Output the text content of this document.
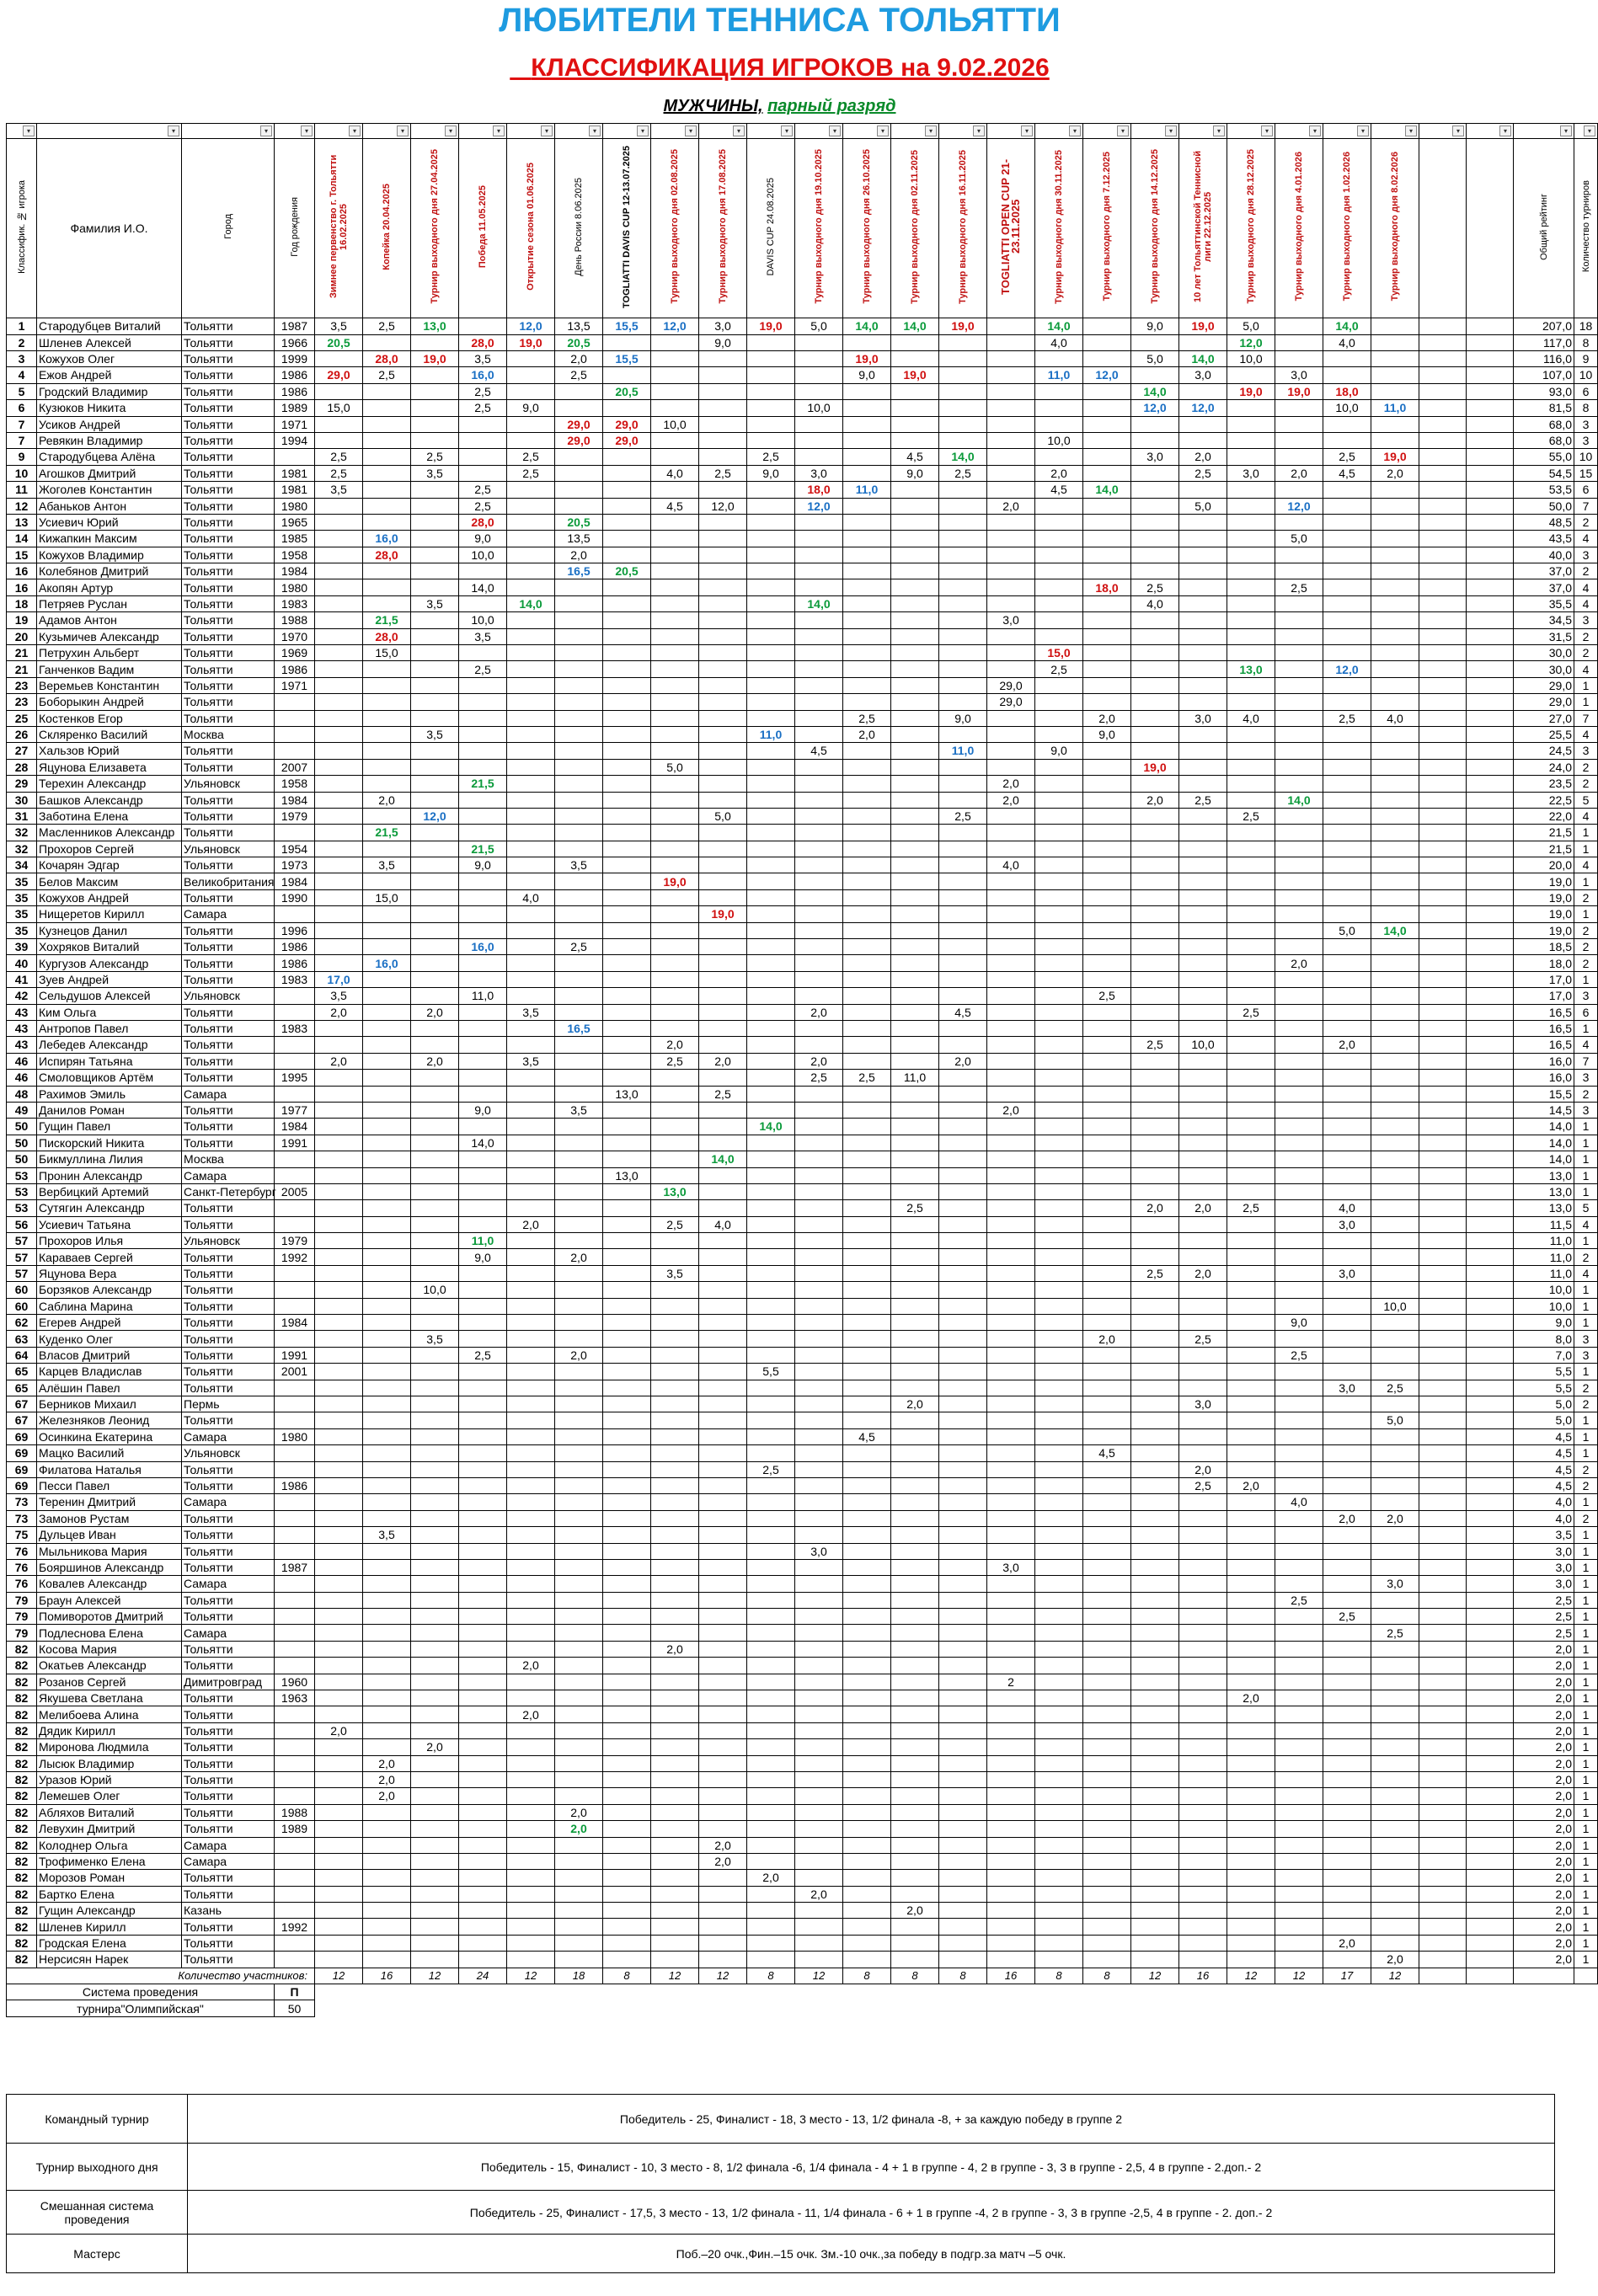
ЛЮБИТЕЛИ ТЕННИСА ТОЛЬЯТТИ
КЛАССИФИКАЦИЯ ИГРОКОВ на 9.02.2026
МУЖЧИНЫ, парный разряд
▾	▾	▾	▾	▾	▾	▾	▾	▾	▾	▾	▾	▾	▾	▾	▾	▾	▾	▾	▾	▾	▾	▾	▾	▾	▾	▾	▾	▾	▾	▾

Классифик. № игрока	Фамилия И.О.	Город	Год рождения	Зимнее первенство г. Тольятти 16.02.2025	Копейка 20.04.2025	Турнир выходного дня 27.04.2025	Победа 11.05.2025	Открытие сезона 01.06.2025	День России 8.06.2025	TOGLIATTI DAVIS CUP 12-13.07.2025	Турнир выходного дня 02.08.2025	Турнир выходного дня 17.08.2025	DAVIS CUP 24.08.2025	Турнир выходного дня 19.10.2025	Турнир выходного дня 26.10.2025	Турнир выходного дня 02.11.2025	Турнир выходного дня 16.11.2025	TOGLIATTI OPEN CUP 21-23.11.2025	Турнир выходного дня 30.11.2025	Турнир выходного дня 7.12.2025	Турнир выходного дня 14.12.2025	10 лет Тольяттинской Теннисной лиги 22.12.2025	Турнир выходного дня 28.12.2025	Турнир выходного дня 4.01.2026	Турнир выходного дня 1.02.2026	Турнир выходного дня 8.02.2026			Общий рейтинг	Количество турниров
1	Стародубцев Виталий	Тольятти	1987	3,5	2,5	13,0		12,0	13,5	15,5	12,0	3,0	19,0	5,0	14,0	14,0	19,0		14,0		9,0	19,0	5,0		14,0				207,0	18
2	Шленев Алексей	Тольятти	1966	20,5			28,0	19,0	20,5			9,0							4,0				12,0		4,0				117,0	8
3	Кожухов Олег	Тольятти	1999		28,0	19,0	3,5		2,0	15,5					19,0						5,0	14,0	10,0						116,0	9
4	Ежов Андрей	Тольятти	1986	29,0	2,5		16,0		2,5						9,0	19,0			11,0	12,0		3,0		3,0					107,0	10
5	Гродский Владимир	Тольятти	1986				2,5			20,5											14,0		19,0	19,0	18,0				93,0	6
6	Кузюков Никита	Тольятти	1989	15,0			2,5	9,0						10,0							12,0	12,0			10,0	11,0			81,5	8
7	Усиков Андрей	Тольятти	1971						29,0	29,0	10,0																		68,0	3
7	Ревякин Владимир	Тольятти	1994						29,0	29,0									10,0										68,0	3
9	Стародубцева Алёна	Тольятти		2,5		2,5		2,5					2,5			4,5	14,0				3,0	2,0			2,5	19,0			55,0	10
10	Агошков Дмитрий	Тольятти	1981	2,5		3,5		2,5			4,0	2,5	9,0	3,0		9,0	2,5		2,0			2,5	3,0	2,0	4,5	2,0			54,5	15
11	Жоголев Константин	Тольятти	1981	3,5			2,5							18,0	11,0				4,5	14,0									53,5	6
12	Абаньков Антон	Тольятти	1980				2,5				4,5	12,0		12,0				2,0				5,0		12,0					50,0	7
13	Усиевич Юрий	Тольятти	1965				28,0		20,5																				48,5	2
14	Кижапкин Максим	Тольятти	1985		16,0		9,0		13,5															5,0					43,5	4
15	Кожухов Владимир	Тольятти	1958		28,0		10,0		2,0																				40,0	3
16	Колебянов Дмитрий	Тольятти	1984						16,5	20,5																			37,0	2
16	Акопян Артур	Тольятти	1980				14,0													18,0	2,5			2,5					37,0	4
18	Петряев Руслан	Тольятти	1983			3,5		14,0						14,0							4,0								35,5	4
19	Адамов Антон	Тольятти	1988		21,5		10,0											3,0											34,5	3
20	Кузьмичев Александр	Тольятти	1970		28,0		3,5																						31,5	2
21	Петрухин Альберт	Тольятти	1969		15,0														15,0										30,0	2
21	Ганченков Вадим	Тольятти	1986				2,5												2,5				13,0		12,0				30,0	4
23	Веремьев Константин	Тольятти	1971															29,0											29,0	1
23	Боборыкин Андрей	Тольятти																29,0											29,0	1
25	Костенков Егор	Тольятти													2,5		9,0			2,0		3,0	4,0		2,5	4,0			27,0	7
26	Скляренко Василий	Москва				3,5							11,0		2,0					9,0									25,5	4
27	Хальзов Юрий	Тольятти												4,5			11,0		9,0										24,5	3
28	Яцунова Елизавета	Тольятти	2007								5,0										19,0								24,0	2
29	Терехин Александр	Ульяновск	1958				21,5											2,0											23,5	2
30	Башков Александр	Тольятти	1984		2,0													2,0			2,0	2,5		14,0					22,5	5
31	Заботина Елена	Тольятти	1979			12,0						5,0					2,5						2,5						22,0	4
32	Масленников Александр	Тольятти			21,5																								21,5	1
32	Прохоров Сергей	Ульяновск	1954				21,5																						21,5	1
34	Кочарян Эдгар	Тольятти	1973		3,5		9,0		3,5									4,0											20,0	4
35	Белов Максим	Великобритания	1984								19,0																		19,0	1
35	Кожухов Андрей	Тольятти	1990		15,0			4,0																					19,0	2
35	Нищеретов Кирилл	Самара										19,0																	19,0	1
35	Кузнецов Данил	Тольятти	1996																						5,0	14,0			19,0	2
39	Хохряков Виталий	Тольятти	1986				16,0		2,5																				18,5	2
40	Кургузов Александр	Тольятти	1986		16,0																			2,0					18,0	2
41	Зуев Андрей	Тольятти	1983	17,0																									17,0	1
42	Сельдушов Алексей	Ульяновск		3,5			11,0													2,5									17,0	3
43	Ким Ольга	Тольятти		2,0		2,0		3,5						2,0			4,5						2,5						16,5	6
43	Антропов Павел	Тольятти	1983						16,5																				16,5	1
43	Лебедев Александр	Тольятти									2,0										2,5	10,0			2,0				16,5	4
46	Испирян Татьяна	Тольятти		2,0		2,0		3,5			2,5	2,0		2,0			2,0												16,0	7
46	Смоловщиков Артём	Тольятти	1995											2,5	2,5	11,0													16,0	3
48	Рахимов Эмиль	Самара								13,0		2,5																	15,5	2
49	Данилов Роман	Тольятти	1977				9,0		3,5									2,0											14,5	3
50	Гущин Павел	Тольятти	1984										14,0																14,0	1
50	Пискорский Никита	Тольятти	1991				14,0																						14,0	1
50	Бикмуллина Лилия	Москва										14,0																	14,0	1
53	Пронин Александр	Самара								13,0																			13,0	1
53	Вербицкий Артемий	Санкт-Петербург	2005								13,0																		13,0	1
53	Сутягин Александр	Тольятти														2,5					2,0	2,0	2,5		4,0				13,0	5
56	Усиевич Татьяна	Тольятти						2,0			2,5	4,0													3,0				11,5	4
57	Прохоров Илья	Ульяновск	1979				11,0																						11,0	1
57	Караваев Сергей	Тольятти	1992				9,0		2,0																				11,0	2
57	Яцунова Вера	Тольятти									3,5										2,5	2,0			3,0				11,0	4
60	Борзяков Александр	Тольятти				10,0																							10,0	1
60	Саблина Марина	Тольятти																								10,0			10,0	1
62	Егерев Андрей	Тольятти	1984																					9,0					9,0	1
63	Куденко Олег	Тольятти				3,5														2,0		2,5							8,0	3
64	Власов Дмитрий	Тольятти	1991				2,5		2,0															2,5					7,0	3
65	Карцев Владислав	Тольятти	2001										5,5																5,5	1
65	Алёшин Павел	Тольятти																							3,0	2,5			5,5	2
67	Берников Михаил	Пермь														2,0						3,0							5,0	2
67	Железняков Леонид	Тольятти																								5,0			5,0	1
69	Осинкина Екатерина	Самара	1980												4,5														4,5	1
69	Мацко Василий	Ульяновск																		4,5									4,5	1
69	Филатова Наталья	Тольятти											2,5									2,0							4,5	2
69	Песси Павел	Тольятти	1986																			2,5	2,0						4,5	2
73	Теренин Дмитрий	Самара																						4,0					4,0	1
73	Замонов Рустам	Тольятти																							2,0	2,0			4,0	2
75	Дульцев Иван	Тольятти			3,5																								3,5	1
76	Мыльникова Мария	Тольятти												3,0															3,0	1
76	Бояршинов Александр	Тольятти	1987															3,0											3,0	1
76	Ковалев Александр	Самара																								3,0			3,0	1
79	Браун Алексей	Тольятти																						2,5					2,5	1
79	Помиворотов Дмитрий	Тольятти																							2,5				2,5	1
79	Подлеснова Елена	Самара																								2,5			2,5	1
82	Косова Мария	Тольятти									2,0																		2,0	1
82	Окатьев Александр	Тольятти						2,0																					2,0	1
82	Розанов Сергей	Димитровград	1960															2											2,0	1
82	Якушева Светлана	Тольятти	1963																				2,0						2,0	1
82	Мелибоева Алина	Тольятти						2,0																					2,0	1
82	Дядик Кирилл	Тольятти		2,0																									2,0	1
82	Миронова Людмила	Тольятти				2,0																							2,0	1
82	Лысюк Владимир	Тольятти			2,0																								2,0	1
82	Уразов Юрий	Тольятти			2,0																								2,0	1
82	Лемешев Олег	Тольятти			2,0																								2,0	1
82	Абляхов Виталий	Тольятти	1988						2,0																				2,0	1
82	Левухин Дмитрий	Тольятти	1989						2,0																				2,0	1
82	Колоднер Ольга	Самара										2,0																	2,0	1
82	Трофименко Елена	Самара										2,0																	2,0	1
82	Морозов Роман	Тольятти											2,0																2,0	1
82	Бартко Елена	Тольятти												2,0															2,0	1
82	Гущин Александр	Казань														2,0													2,0	1
82	Шленев Кирилл	Тольятти	1992																										2,0	1
82	Гродская Елена	Тольятти																							2,0				2,0	1
82	Нерсисян Нарек	Тольятти																								2,0			2,0	1
Количество участников:				12	16	12	24	12	18	8	12	12	8	12	8	8	8	16	8	8	12	16	12	12	17	12				
Система проведения			П																											
турнира"Олимпийская"			50																											
Командный турнир	Победитель - 25, Финалист - 18, 3 место - 13, 1/2 финала -8, + за каждую победу в группе 2
Турнир выходного дня	Победитель - 15, Финалист - 10, 3 место - 8, 1/2 финала -6, 1/4 финала - 4 + 1 в группе - 4, 2 в группе - 3, 3 в группе - 2,5, 4 в группе - 2.доп.- 2
Смешанная система проведения	Победитель - 25, Финалист - 17,5, 3 место - 13, 1/2 финала - 11, 1/4 финала - 6 + 1 в группе -4, 2 в группе - 3, 3 в группе -2,5, 4 в группе - 2. доп.- 2
Мастерс	Поб.–20 очк.,Фин.–15 очк. Зм.-10 очк.,за победу в подгр.за матч –5 очк.
